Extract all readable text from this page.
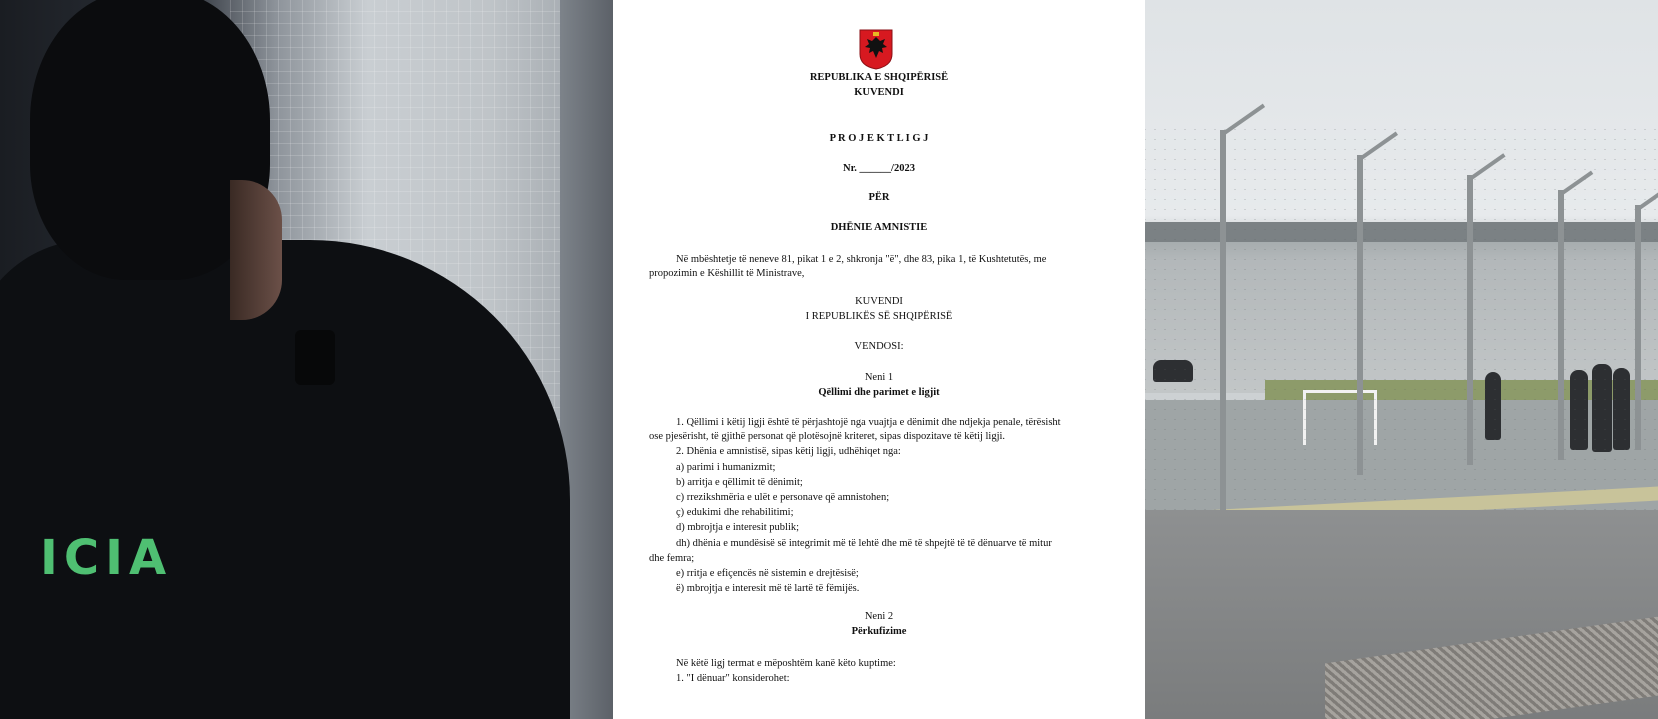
ICIA
REPUBLIKA E SHQIPËRISË
KUVENDI
P R O J E K T L I G J
Nr. ______/2023
PËR
DHËNIE AMNISTIE
Në mbështetje të neneve 81, pikat 1 e 2, shkronja "ë", dhe 83, pika 1, të Kushtetutës, me
propozimin e Këshillit të Ministrave,
KUVENDI
I REPUBLIKËS SË SHQIPËRISË
VENDOSI:
Neni 1
Qëllimi dhe parimet e ligjit
1. Qëllimi i këtij ligji është të përjashtojë nga vuajtja e dënimit dhe ndjekja penale, tërësisht
ose pjesërisht, të gjithë personat që plotësojnë kriteret, sipas dispozitave të këtij ligji.
2. Dhënia e amnistisë, sipas këtij ligji, udhëhiqet nga:
a) parimi i humanizmit;
b) arritja e qëllimit të dënimit;
c) rrezikshmëria e ulët e personave që amnistohen;
ç) edukimi dhe rehabilitimi;
d) mbrojtja e interesit publik;
dh) dhënia e mundësisë së integrimit më të lehtë dhe më të shpejtë të të dënuarve të mitur
dhe femra;
e) rritja e efiçencës në sistemin e drejtësisë;
ë) mbrojtja e interesit më të lartë të fëmijës.
Neni 2
Përkufizime
Në këtë ligj termat e mëposhtëm kanë këto kuptime:
1. "I dënuar" konsiderohet:
